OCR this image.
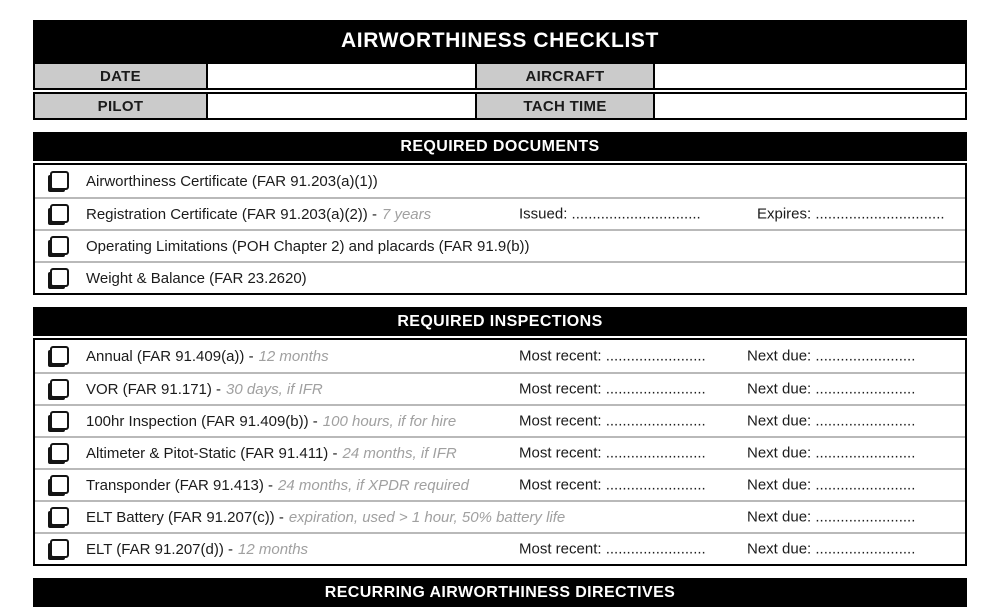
AIRWORTHINESS CHECKLIST
DATE	AIRCRAFT
PILOT	TACH TIME
REQUIRED DOCUMENTS
Airworthiness Certificate (FAR 91.203(a)(1))
Registration Certificate (FAR 91.203(a)(2)) - 7 years	Issued: ...............................	Expires: ...............................
Operating Limitations (POH Chapter 2) and placards (FAR 91.9(b))
Weight & Balance (FAR 23.2620)
REQUIRED INSPECTIONS
Annual (FAR 91.409(a)) - 12 months	Most recent: ........................	Next due: ........................
VOR (FAR 91.171) - 30 days, if IFR	Most recent: ........................	Next due: ........................
100hr Inspection (FAR 91.409(b)) - 100 hours, if for hire	Most recent: ........................	Next due: ........................
Altimeter & Pitot-Static (FAR 91.411) - 24 months, if IFR	Most recent: ........................	Next due: ........................
Transponder (FAR 91.413) - 24 months, if XPDR required	Most recent: ........................	Next due: ........................
ELT Battery (FAR 91.207(c)) - expiration, used > 1 hour, 50% battery life	Next due: ........................
ELT (FAR 91.207(d)) - 12 months	Most recent: ........................	Next due: ........................
RECURRING AIRWORTHINESS DIRECTIVES
